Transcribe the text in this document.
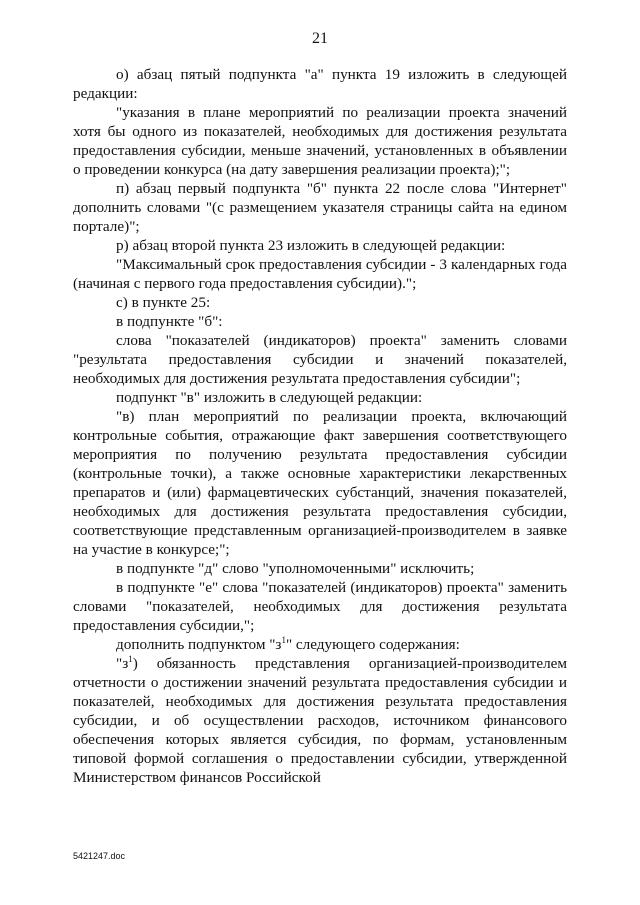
21

о) абзац пятый подпункта "а" пункта 19 изложить в следующей редакции:

"указания в плане мероприятий по реализации проекта значений хотя бы одного из показателей, необходимых для достижения результата предоставления субсидии, меньше значений, установленных в объявлении о проведении конкурса (на дату завершения реализации проекта);";

п) абзац первый подпункта "б" пункта 22 после слова "Интернет" дополнить словами "(с размещением указателя страницы сайта на едином портале)";

р) абзац второй пункта 23 изложить в следующей редакции:

"Максимальный срок предоставления субсидии - 3 календарных года (начиная с первого года предоставления субсидии).";

с) в пункте 25:

в подпункте "б":

слова "показателей (индикаторов) проекта" заменить словами "результата предоставления субсидии и значений показателей, необходимых для достижения результата предоставления субсидии";

подпункт "в" изложить в следующей редакции:

"в) план мероприятий по реализации проекта, включающий контрольные события, отражающие факт завершения соответствующего мероприятия по получению результата предоставления субсидии (контрольные точки), а также основные характеристики лекарственных препаратов и (или) фармацевтических субстанций, значения показателей, необходимых для достижения результата предоставления субсидии, соответствующие представленным организацией-производителем в заявке на участие в конкурсе;";

в подпункте "д" слово "уполномоченными" исключить;

в подпункте "е" слова "показателей (индикаторов) проекта" заменить словами "показателей, необходимых для достижения результата предоставления субсидии,";

дополнить подпунктом "$з^1$" следующего содержания:

"$з^1$) обязанность представления организацией-производителем отчетности о достижении значений результата предоставления субсидии и показателей, необходимых для достижения результата предоставления субсидии, и об осуществлении расходов, источником финансового обеспечения которых является субсидия, по формам, установленным типовой формой соглашения о предоставлении субсидии, утвержденной Министерством финансов Российской

5421247.doc
